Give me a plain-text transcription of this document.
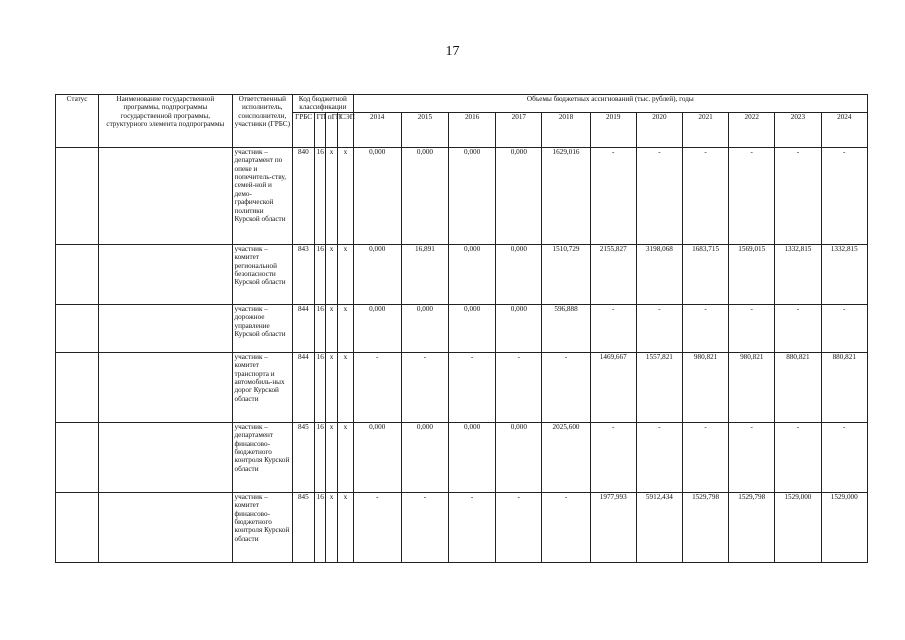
17
Статус	Наименование государственной программы, подпрограммы государственной программы, структурного элемента подпрограммы	Ответственный исполнитель, соисполнители, участники (ГРБС)	Код бюджетной классификации				Объемы бюджетных ассигнований (тыс. рублей), годы										
			ГРБС	ГП	пГП	СЭП	2014	2015	2016	2017	2018	2019	2020	2021	2022	2023	2024
		участник – департамент по опеке и попечитель-ству, семей-ной и демо-графической политики Курской области	840	16	х	х	0,000	0,000	0,000	0,000	1629,016	-	-	-	-	-	-
		участник – комитет региональной безопасности Курской области	843	16	х	х	0,000	16,891	0,000	0,000	1510,729	2155,827	3198,068	1683,715	1569,015	1332,815	1332,815
		участник – дорожное управление Курской области	844	16	х	х	0,000	0,000	0,000	0,000	596,888	-	-	-	-	-	-
		участник – комитет транспорта и автомобиль-ных дорог Курской области	844	16	х	х	-	-	-	-	-	1469,667	1557,821	980,821	980,821	880,821	880,821
		участник – департамент финансово-бюджетного контроля Курской области	845	16	х	х	0,000	0,000	0,000	0,000	2025,600	-	-	-	-	-	-
		участник – комитет финансово-бюджетного контроля Курской области	845	16	х	х	-	-	-	-	-	1977,993	5912,434	1529,798	1529,798	1529,000	1529,000
